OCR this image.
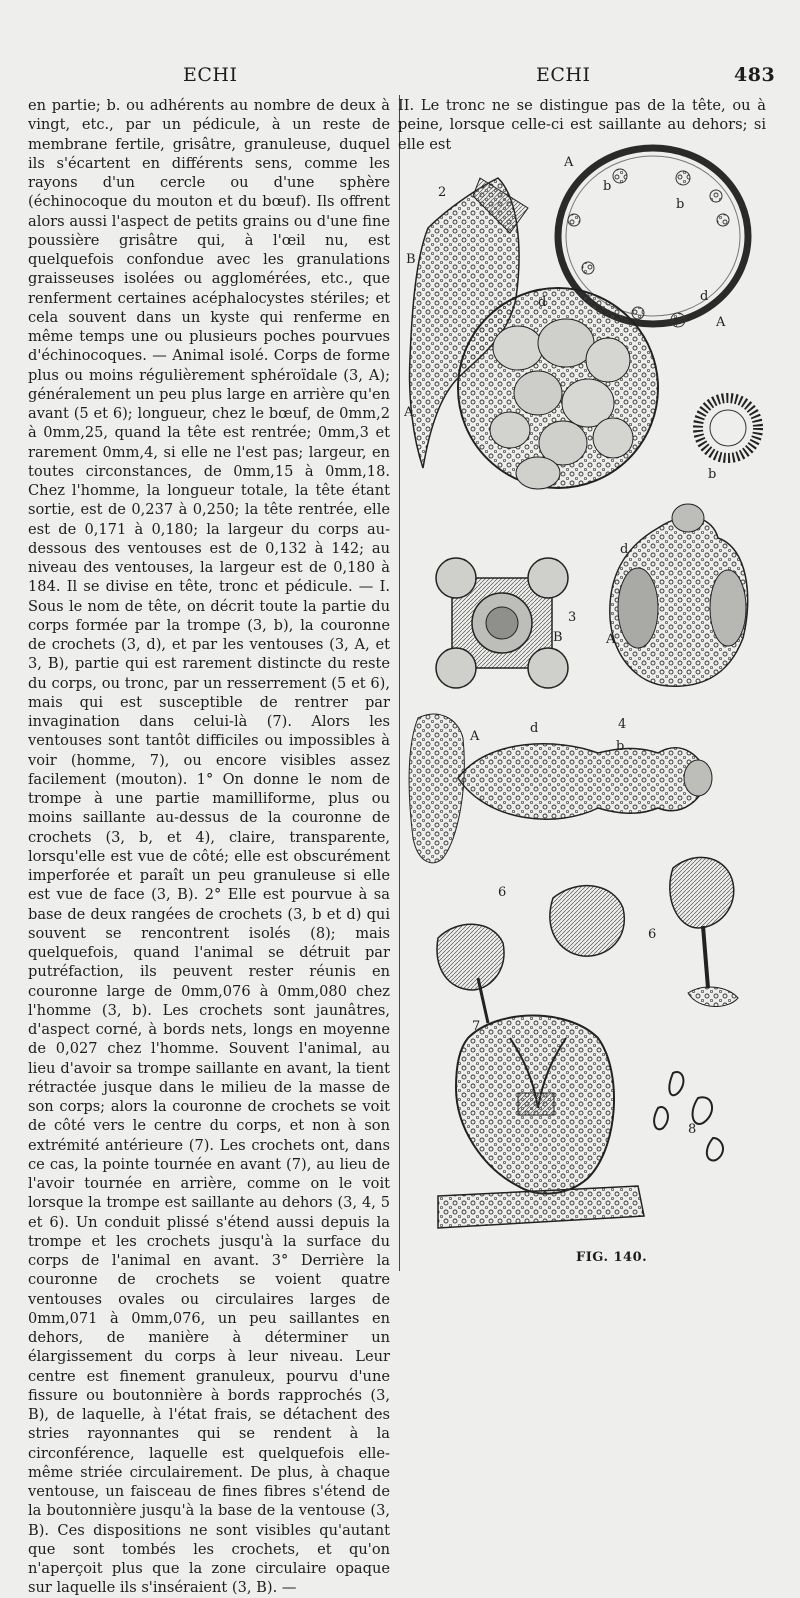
ECHI	ECHI	483

en partie; b. ou adhérents au nombre de deux à vingt, etc., par un pédicule, à un reste de membrane fertile, grisâtre, granuleuse, duquel ils s'écartent en différents sens, comme les rayons d'un cercle ou d'une sphère (échinocoque du mouton et du bœuf). Ils offrent alors aussi l'aspect de petits grains ou d'une fine poussière grisâtre qui, à l'œil nu, est quelquefois confondue avec les granulations graisseuses isolées ou agglomérées, etc., que renferment certaines acéphalocystes stériles; et cela souvent dans un kyste qui renferme en même temps une ou plusieurs poches pourvues d'échinocoques. — Animal isolé. Corps de forme plus ou moins régulièrement sphéroïdale (3, A); généralement un peu plus large en arrière qu'en avant (5 et 6); longueur, chez le bœuf, de 0mm,2 à 0mm,25, quand la tête est rentrée; 0mm,3 et rarement 0mm,4, si elle ne l'est pas; largeur, en toutes circonstances, de 0mm,15 à 0mm,18. Chez l'homme, la longueur totale, la tête étant sortie, est de 0,237 à 0,250; la tête rentrée, elle est de 0,171 à 0,180; la largeur du corps au-dessous des ventouses est de 0,132 à 142; au niveau des ventouses, la largeur est de 0,180 à 184. Il se divise en tête, tronc et pédicule. — I. Sous le nom de tête, on décrit toute la partie du corps formée par la trompe (3, b), la couronne de crochets (3, d), et par les ventouses (3, A, et 3, B), partie qui est rarement distincte du reste du corps, ou tronc, par un resserrement (5 et 6), mais qui est susceptible de rentrer par invagination dans celui-là (7). Alors les ventouses sont tantôt difficiles ou impossibles à voir (homme, 7), ou encore visibles assez facilement (mouton). 1° On donne le nom de trompe à une partie mamilliforme, plus ou moins saillante au-dessus de la couronne de crochets (3, b, et 4), claire, transparente, lorsqu'elle est vue de côté; elle est obscurément imperforée et paraît un peu granuleuse si elle est vue de face (3, B). 2° Elle est pourvue à sa base de deux rangées de crochets (3, b et d) qui souvent se rencontrent isolés (8); mais quelquefois, quand l'animal se détruit par putréfaction, ils peuvent rester réunis en couronne large de 0mm,076 à 0mm,080 chez l'homme (3, b). Les crochets sont jaunâtres, d'aspect corné, à bords nets, longs en moyenne de 0,027 chez l'homme. Souvent l'animal, au lieu d'avoir sa trompe saillante en avant, la tient rétractée jusque dans le milieu de la masse de son corps; alors la couronne de crochets se voit de côté vers le centre du corps, et non à son extrémité antérieure (7). Les crochets ont, dans ce cas, la pointe tournée en avant (7), au lieu de l'avoir tournée en arrière, comme on le voit lorsque la trompe est saillante au dehors (3, 4, 5 et 6). Un conduit plissé s'étend aussi depuis la trompe et les crochets jusqu'à la surface du corps de l'animal en avant. 3° Derrière la couronne de crochets se voient quatre ventouses ovales ou circulaires larges de 0mm,071 à 0mm,076, un peu saillantes en dehors, de manière à déterminer un élargissement du corps à leur niveau. Leur centre est finement granuleux, pourvu d'une fissure ou boutonnière à bords rapprochés (3, B), de laquelle, à l'état frais, se détachent des stries rayonnantes qui se rendent à la circonférence, laquelle est quelquefois elle-même striée circulairement. De plus, à chaque ventouse, un faisceau de fines fibres s'étend de la boutonnière jusqu'à la base de la ventouse (3, B). Ces dispositions ne sont visibles qu'autant que sont tombés les crochets, et qu'on n'aperçoit plus que la zone circulaire opaque sur laquelle ils s'inséraient (3, B). —

II. Le tronc ne se distingue pas de la tête, ou à peine, lorsque celle-ci est saillante au dehors; si elle est

A
b
b
d
A
2
B
d
A
b
d
B
3
A
A
d	4
b
6
6
7
8
FIG. 140.
